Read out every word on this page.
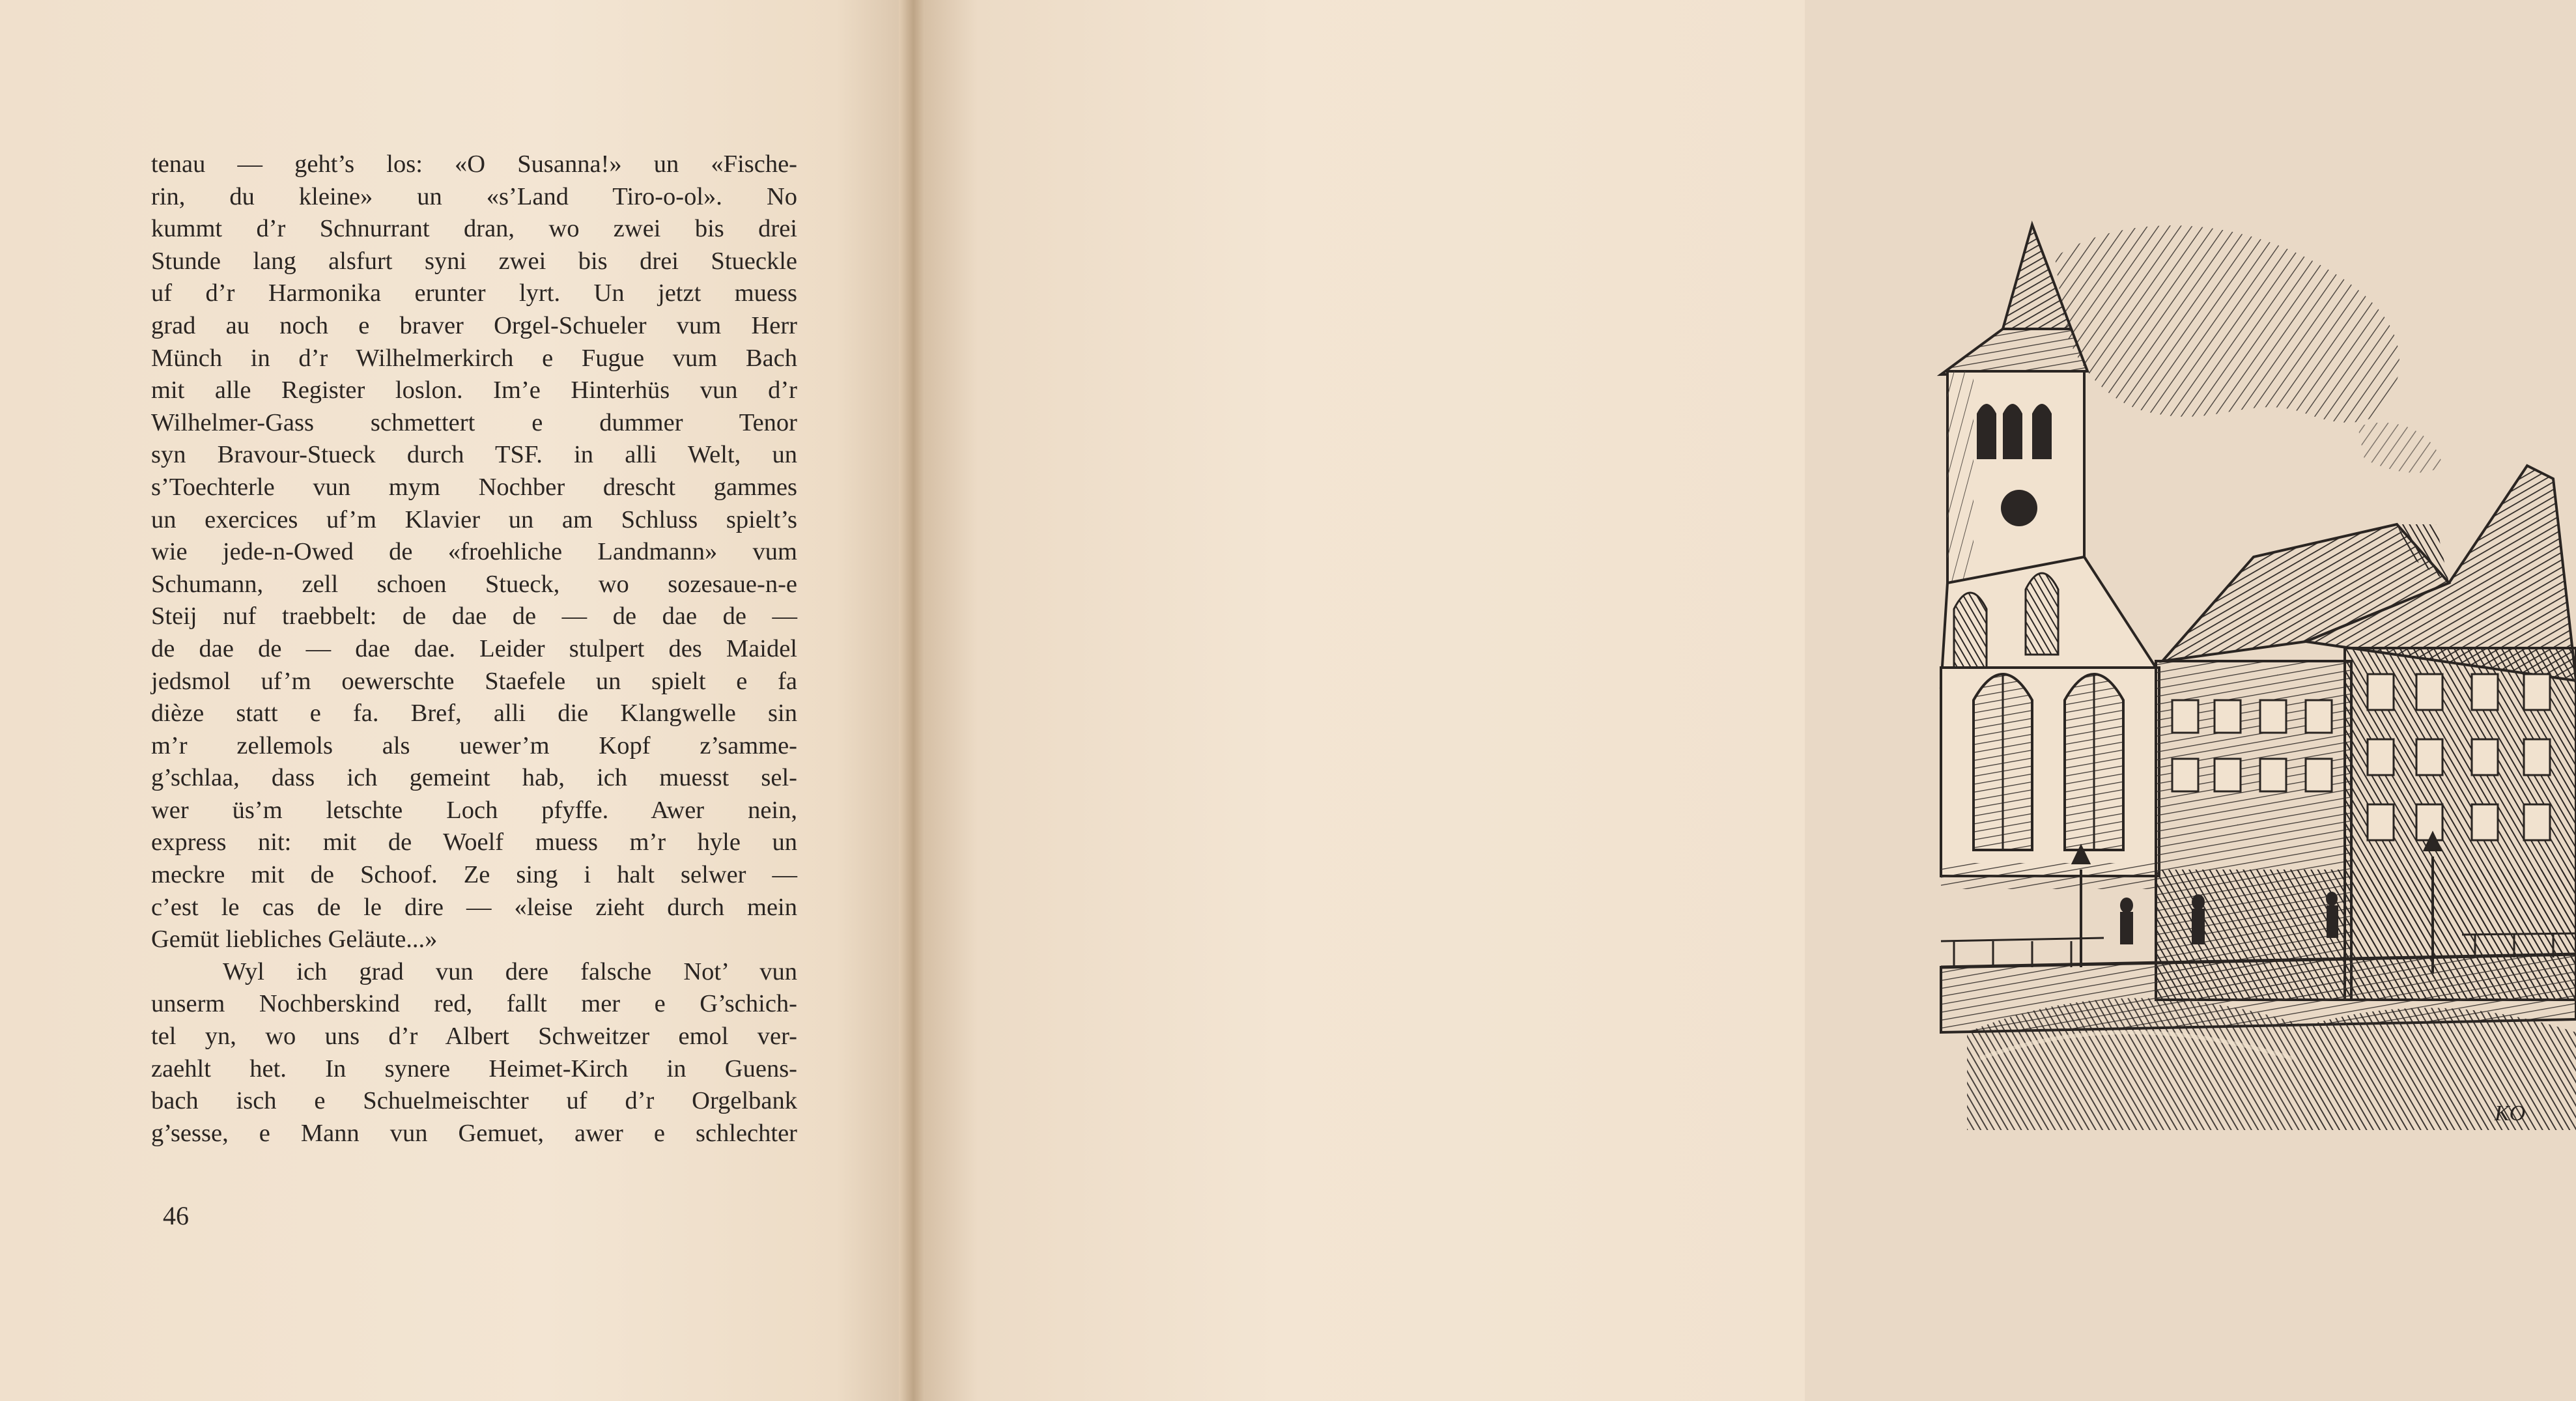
tenau — geht’s los: «O Susanna!» un «Fische-
rin, du kleine» un «s’Land Tiro-o-ol». No
kummt d’r Schnurrant dran, wo zwei bis drei
Stunde lang alsfurt syni zwei bis drei Stueckle
uf d’r Harmonika erunter lyrt. Un jetzt muess
grad au noch e braver Orgel-Schueler vum Herr
Münch in d’r Wilhelmerkirch e Fugue vum Bach
mit alle Register loslon. Im’e Hinterhüs vun d’r
Wilhelmer-Gass schmettert e dummer Tenor
syn Bravour-Stueck durch TSF. in alli Welt, un
s’Toechterle vun mym Nochber drescht gammes
un exercices uf’m Klavier un am Schluss spielt’s
wie jede-n-Owed de «froehliche Landmann» vum
Schumann, zell schoen Stueck, wo sozesaue-n-e
Steij nuf traebbelt: de dae de — de dae de —
de dae de — dae dae. Leider stulpert des Maidel
jedsmol uf’m oewerschte Staefele un spielt e fa
dièze statt e fa. Bref, alli die Klangwelle sin
m’r zellemols als uewer’m Kopf z’samme-
g’schlaa, dass ich gemeint hab, ich muesst sel-
wer üs’m letschte Loch pfyffe. Awer nein,
express nit: mit de Woelf muess m’r hyle un
meckre mit de Schoof. Ze sing i halt selwer —
c’est le cas de le dire — «leise zieht durch mein
Gemüt liebliches Geläute...»
Wyl ich grad vun dere falsche Not’ vun
unserm Nochberskind red, fallt mer e G’schich-
tel yn, wo uns d’r Albert Schweitzer emol ver-
zaehlt het. In synere Heimet-Kirch in Guens-
bach isch e Schuelmeischter uf d’r Orgelbank
g’sesse, e Mann vun Gemuet, awer e schlechter
46
KO
